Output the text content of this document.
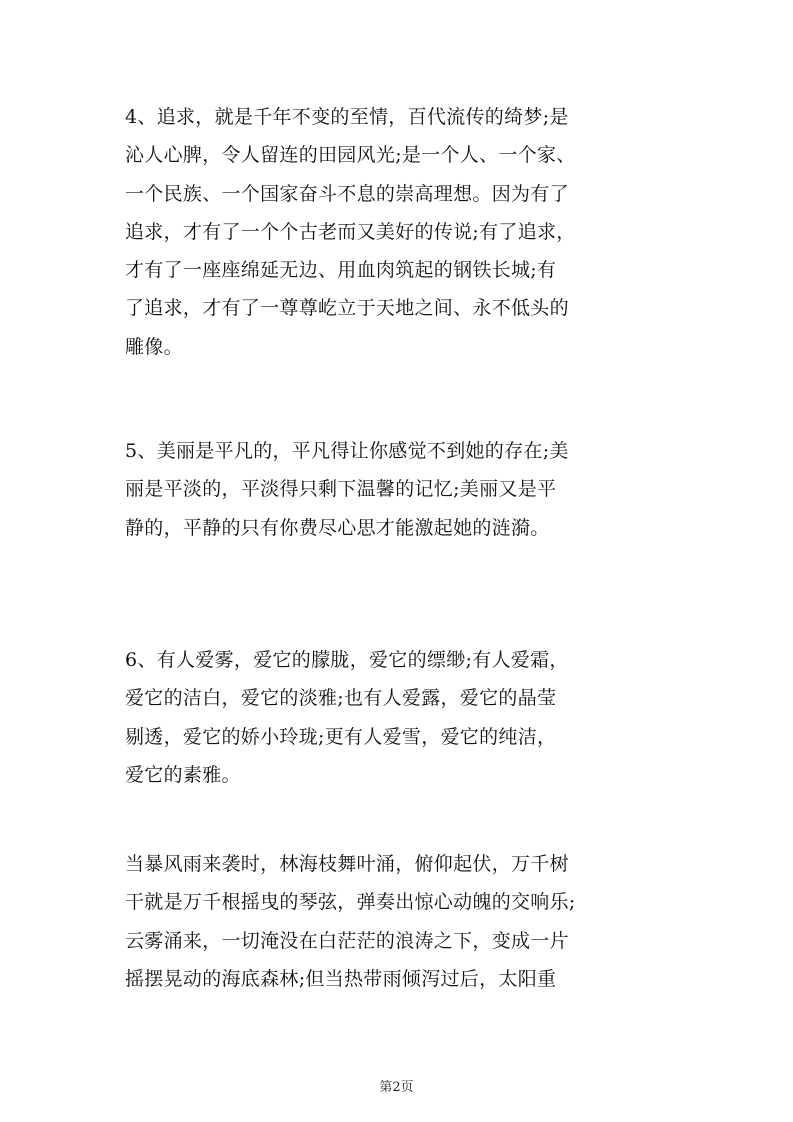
4、追求，就是千年不变的至情，百代流传的绮梦;是
沁人心脾，令人留连的田园风光;是一个人、一个家、
一个民族、一个国家奋斗不息的崇高理想。因为有了
追求，才有了一个个古老而又美好的传说;有了追求，
才有了一座座绵延无边、用血肉筑起的钢铁长城;有
了追求，才有了一尊尊屹立于天地之间、永不低头的
雕像。
5、美丽是平凡的，平凡得让你感觉不到她的存在;美
丽是平淡的，平淡得只剩下温馨的记忆;美丽又是平
静的，平静的只有你费尽心思才能激起她的涟漪。
6、有人爱雾，爱它的朦胧，爱它的缥缈;有人爱霜，
爱它的洁白，爱它的淡雅;也有人爱露，爱它的晶莹
剔透，爱它的娇小玲珑;更有人爱雪，爱它的纯洁，
爱它的素雅。
当暴风雨来袭时，林海枝舞叶涌，俯仰起伏，万千树
干就是万千根摇曳的琴弦，弹奏出惊心动魄的交响乐;
云雾涌来，一切淹没在白茫茫的浪涛之下，变成一片
摇摆晃动的海底森林;但当热带雨倾泻过后，太阳重
第2页
